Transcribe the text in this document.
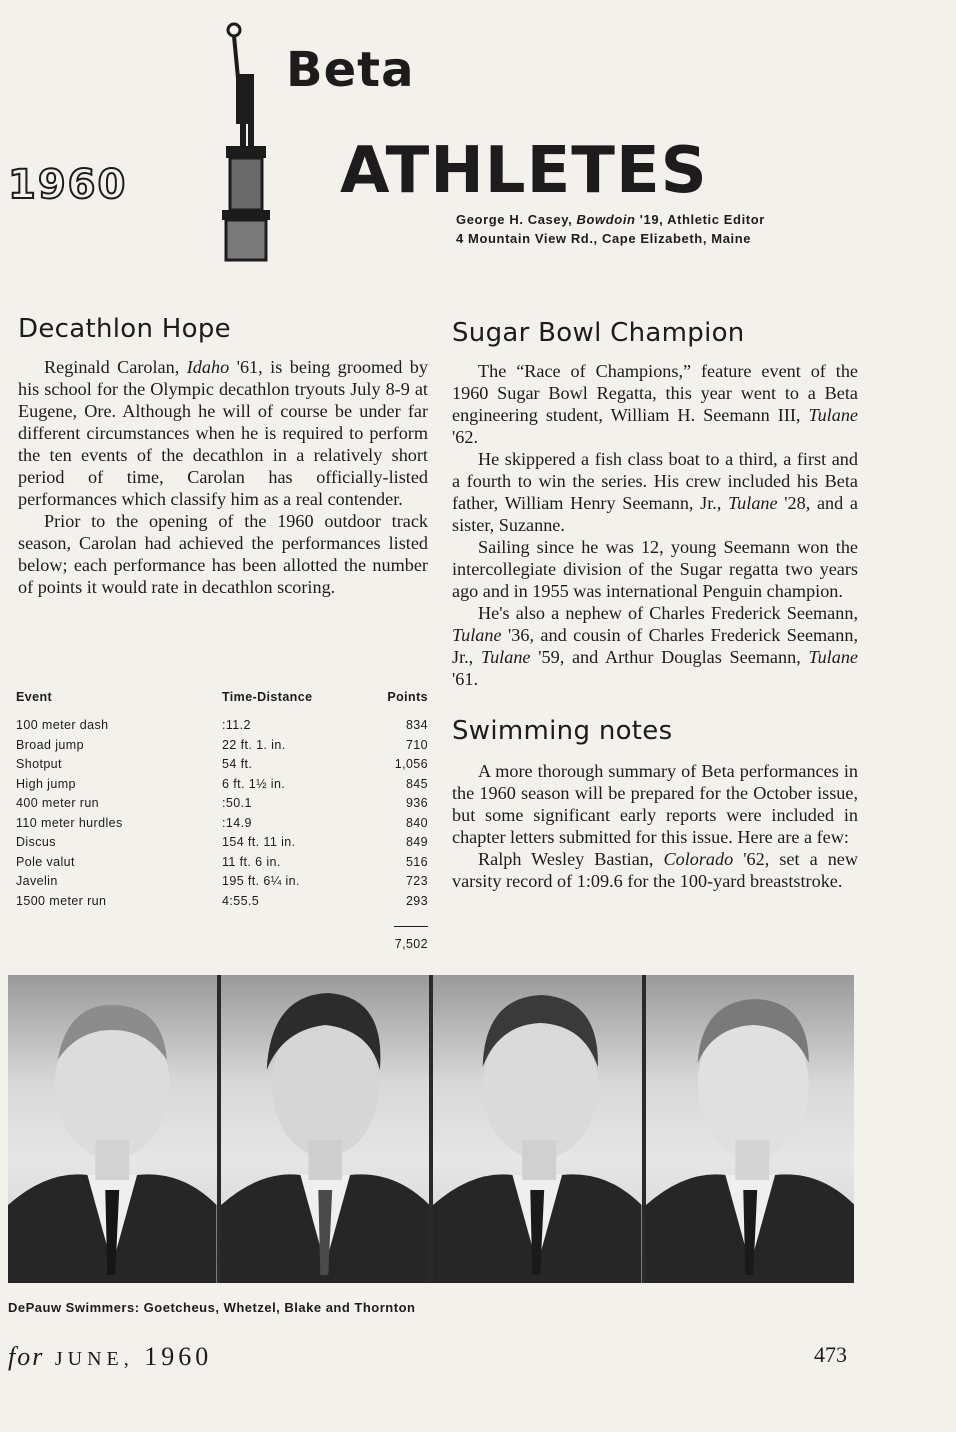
1960
Beta
ATHLETES
George H. Casey, Bowdoin '19, Athletic Editor
4 Mountain View Rd., Cape Elizabeth, Maine
Decathlon Hope

Reginald Carolan, Idaho '61, is being groomed by his school for the Olympic decathlon tryouts July 8-9 at Eugene, Ore. Although he will of course be under far different circumstances when he is required to perform the ten events of the decathlon in a relatively short period of time, Carolan has officially-listed performances which classify him as a real contender.

Prior to the opening of the 1960 outdoor track season, Carolan had achieved the performances listed below; each performance has been allotted the number of points it would rate in decathlon scoring.

Event	Time-Distance	Points
100 meter dash	:11.2	834
Broad jump	22 ft. 1. in.	710
Shotput	54 ft.	1,056
High jump	6 ft. 1½ in.	845
400 meter run	:50.1	936
110 meter hurdles	:14.9	840
Discus	154 ft. 11 in.	849
Pole valut	11 ft. 6 in.	516
Javelin	195 ft. 6¼ in.	723
1500 meter run	4:55.5	293
7,502
Sugar Bowl Champion

The “Race of Champions,” feature event of the 1960 Sugar Bowl Regatta, this year went to a Beta engineering student, William H. Seemann III, Tulane '62.

He skippered a fish class boat to a third, a first and a fourth to win the series. His crew included his Beta father, William Henry Seemann, Jr., Tulane '28, and a sister, Suzanne.

Sailing since he was 12, young Seemann won the intercollegiate division of the Sugar regatta two years ago and in 1955 was international Penguin champion.

He's also a nephew of Charles Frederick Seemann, Tulane '36, and cousin of Charles Frederick Seemann, Jr., Tulane '59, and Arthur Douglas Seemann, Tulane '61.

Swimming notes

A more thorough summary of Beta performances in the 1960 season will be prepared for the October issue, but some significant early reports were included in chapter letters submitted for this issue. Here are a few:

Ralph Wesley Bastian, Colorado '62, set a new varsity record of 1:09.6 for the 100-yard breaststroke.

DePauw Swimmers: Goetcheus, Whetzel, Blake and Thornton
for JUNE, 1960	473
